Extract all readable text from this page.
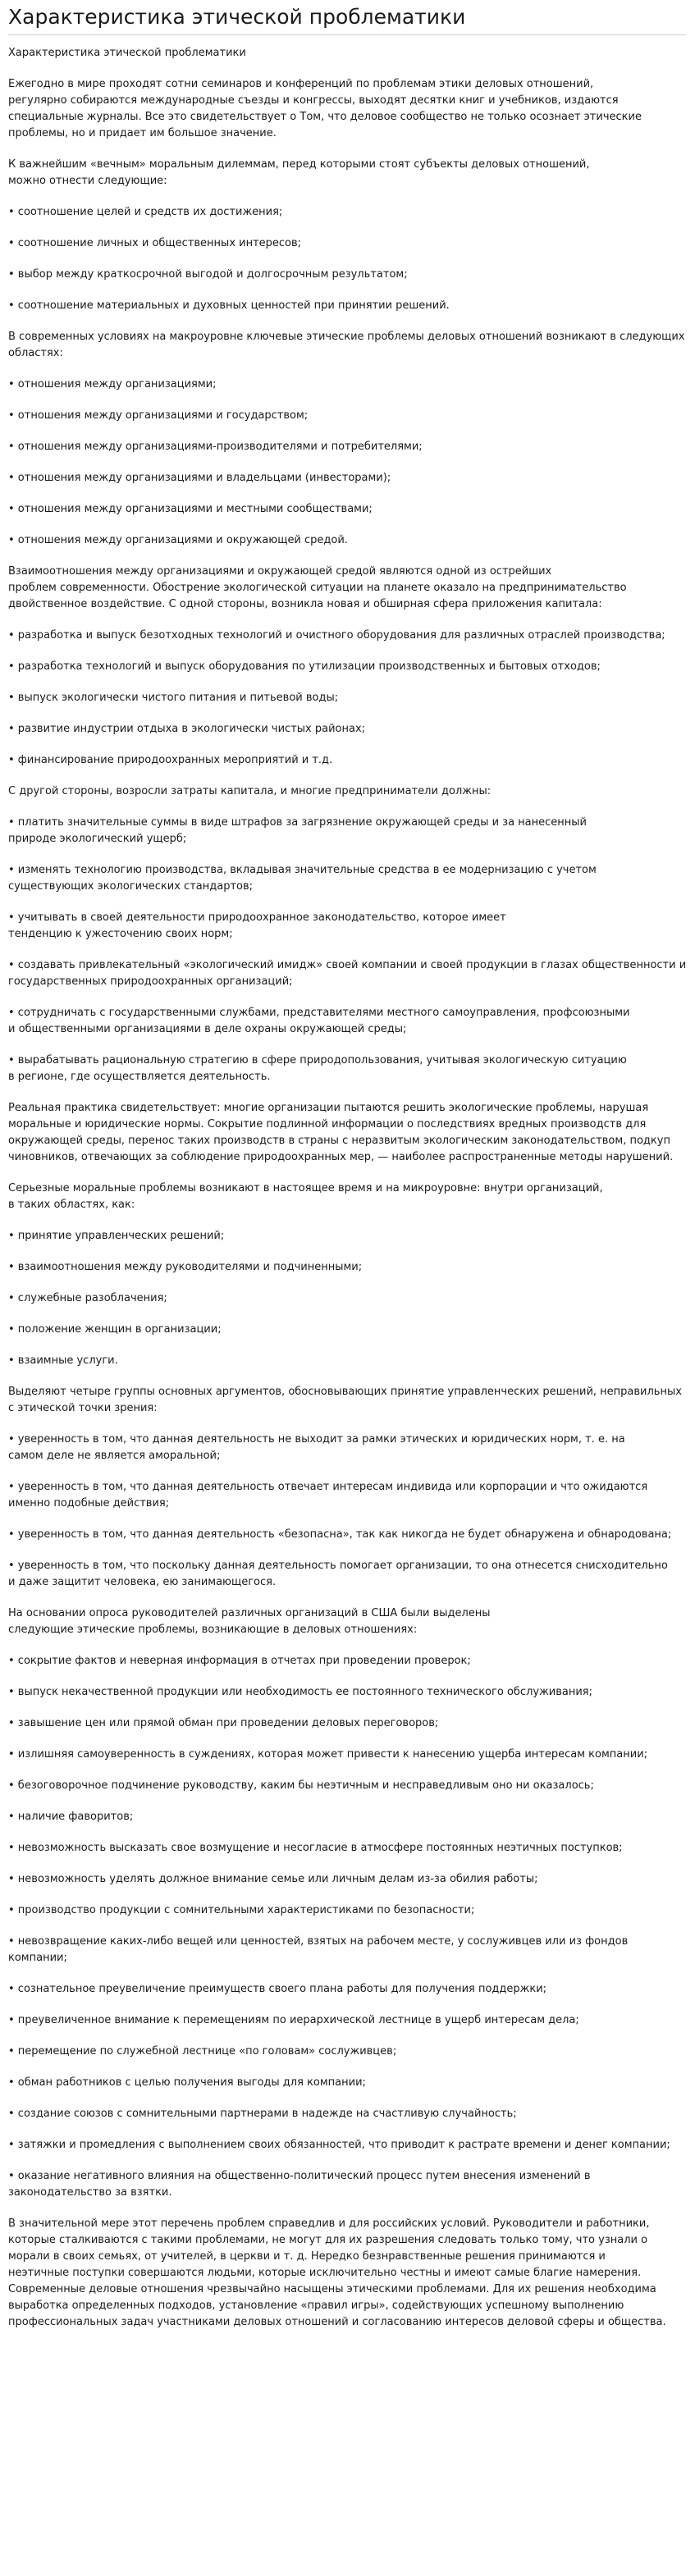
Характеристика этической проблематики

Характеристика этической проблематики

Ежегодно в мире проходят сотни семинаров и конференций по проблемам этики деловых отношений,
регулярно собираются международные съезды и конгрессы, выходят десятки книг и учебников, издаются
специальные журналы. Все это свидетельствует о Том, что деловое сообщество не только осознает этические
проблемы, но и придает им большое значение.

К важнейшим «вечным» моральным дилеммам, перед которыми стоят субъекты деловых отношений,
можно отнести следующие:

• соотношение целей и средств их достижения;

• соотношение личных и общественных интересов;

• выбор между краткосрочной выгодой и долгосрочным результатом;

• соотношение материальных и духовных ценностей при принятии решений.

В современных условиях на макроуровне ключевые этические проблемы деловых отношений возникают в следующих
областях:

• отношения между организациями;

• отношения между организациями и государством;

• отношения между организациями-производителями и потребителями;

• отношения между организациями и владельцами (инвесторами);

• отношения между организациями и местными сообществами;

• отношения между организациями и окружающей средой.

Взаимоотношения между организациями и окружающей средой являются одной из острейших
проблем современности. Обострение экологической ситуации на планете оказало на предпринимательство
двойственное воздействие. С одной стороны, возникла новая и обширная сфера приложения капитала:

• разработка и выпуск безотходных технологий и очистного оборудования для различных отраслей производства;

• разработка технологий и выпуск оборудования по утилизации производственных и бытовых отходов;

• выпуск экологически чистого питания и питьевой воды;

• развитие индустрии отдыха в экологически чистых районах;

• финансирование природоохранных мероприятий и т.д.

С другой стороны, возросли затраты капитала, и многие предприниматели должны:

• платить значительные суммы в виде штрафов за загрязнение окружающей среды и за нанесенный
природе экологический ущерб;

• изменять технологию производства, вкладывая значительные средства в ее модернизацию с учетом
существующих экологических стандартов;

• учитывать в своей деятельности природоохранное законодательство, которое имеет
тенденцию к ужесточению своих норм;

• создавать привлекательный «экологический имидж» своей компании и своей продукции в глазах общественности и
государственных природоохранных организаций;

• сотрудничать с государственными службами, представителями местного самоуправления, профсоюзными
и общественными организациями в деле охраны окружающей среды;

• вырабатывать рациональную стратегию в сфере природопользования, учитывая экологическую ситуацию
в регионе, где осуществляется деятельность.

Реальная практика свидетельствует: многие организации пытаются решить экологические проблемы, нарушая
моральные и юридические нормы. Сокрытие подлинной информации о последствиях вредных производств для
окружающей среды, перенос таких производств в страны с неразвитым экологическим законодательством, подкуп
чиновников, отвечающих за соблюдение природоохранных мер, — наиболее распространенные методы нарушений.

Серьезные моральные проблемы возникают в настоящее время и на микроуровне: внутри организаций,
в таких областях, как:

• принятие управленческих решений;

• взаимоотношения между руководителями и подчиненными;

• служебные разоблачения;

• положение женщин в организации;

• взаимные услуги.

Выделяют четыре группы основных аргументов, обосновывающих принятие управленческих решений, неправильных
с этической точки зрения:

• уверенность в том, что данная деятельность не выходит за рамки этических и юридических норм, т. е. на
самом деле не является аморальной;

• уверенность в том, что данная деятельность отвечает интересам индивида или корпорации и что ожидаются
именно подобные действия;

• уверенность в том, что данная деятельность «безопасна», так как никогда не будет обнаружена и обнародована;

• уверенность в том, что поскольку данная деятельность помогает организации, то она отнесется снисходительно
и даже защитит человека, ею занимающегося.

На основании опроса руководителей различных организаций в США были выделены
следующие этические проблемы, возникающие в деловых отношениях:

• сокрытие фактов и неверная информация в отчетах при проведении проверок;

• выпуск некачественной продукции или необходимость ее постоянного технического обслуживания;

• завышение цен или прямой обман при проведении деловых переговоров;

• излишняя самоуверенность в суждениях, которая может привести к нанесению ущерба интересам компании;

• безоговорочное подчинение руководству, каким бы неэтичным и несправедливым оно ни оказалось;

• наличие фаворитов;

• невозможность высказать свое возмущение и несогласие в атмосфере постоянных неэтичных поступков;

• невозможность уделять должное внимание семье или личным делам из-за обилия работы;

• производство продукции с сомнительными характеристиками по безопасности;

• невозвращение каких-либо вещей или ценностей, взятых на рабочем месте, у сослуживцев или из фондов
компании;

• сознательное преувеличение преимуществ своего плана работы для получения поддержки;

• преувеличенное внимание к перемещениям по иерархической лестнице в ущерб интересам дела;

• перемещение по служебной лестнице «по головам» сослуживцев;

• обман работников с целью получения выгоды для компании;

• создание союзов с сомнительными партнерами в надежде на счастливую случайность;

• затяжки и промедления с выполнением своих обязанностей, что приводит к растрате времени и денег компании;

• оказание негативного влияния на общественно-политический процесс путем внесения изменений в
законодательство за взятки.

В значительной мере этот перечень проблем справедлив и для российских условий. Руководители и работники,
которые сталкиваются с такими проблемами, не могут для их разрешения следовать только тому, что узнали о
морали в своих семьях, от учителей, в церкви и т. д. Нередко безнравственные решения принимаются и
неэтичные поступки совершаются людьми, которые исключительно честны и имеют самые благие намерения.
Современные деловые отношения чрезвычайно насыщены этическими проблемами. Для их решения необходима
выработка определенных подходов, установление «правил игры», содействующих успешному выполнению
профессиональных задач участниками деловых отношений и согласованию интересов деловой сферы и общества.
